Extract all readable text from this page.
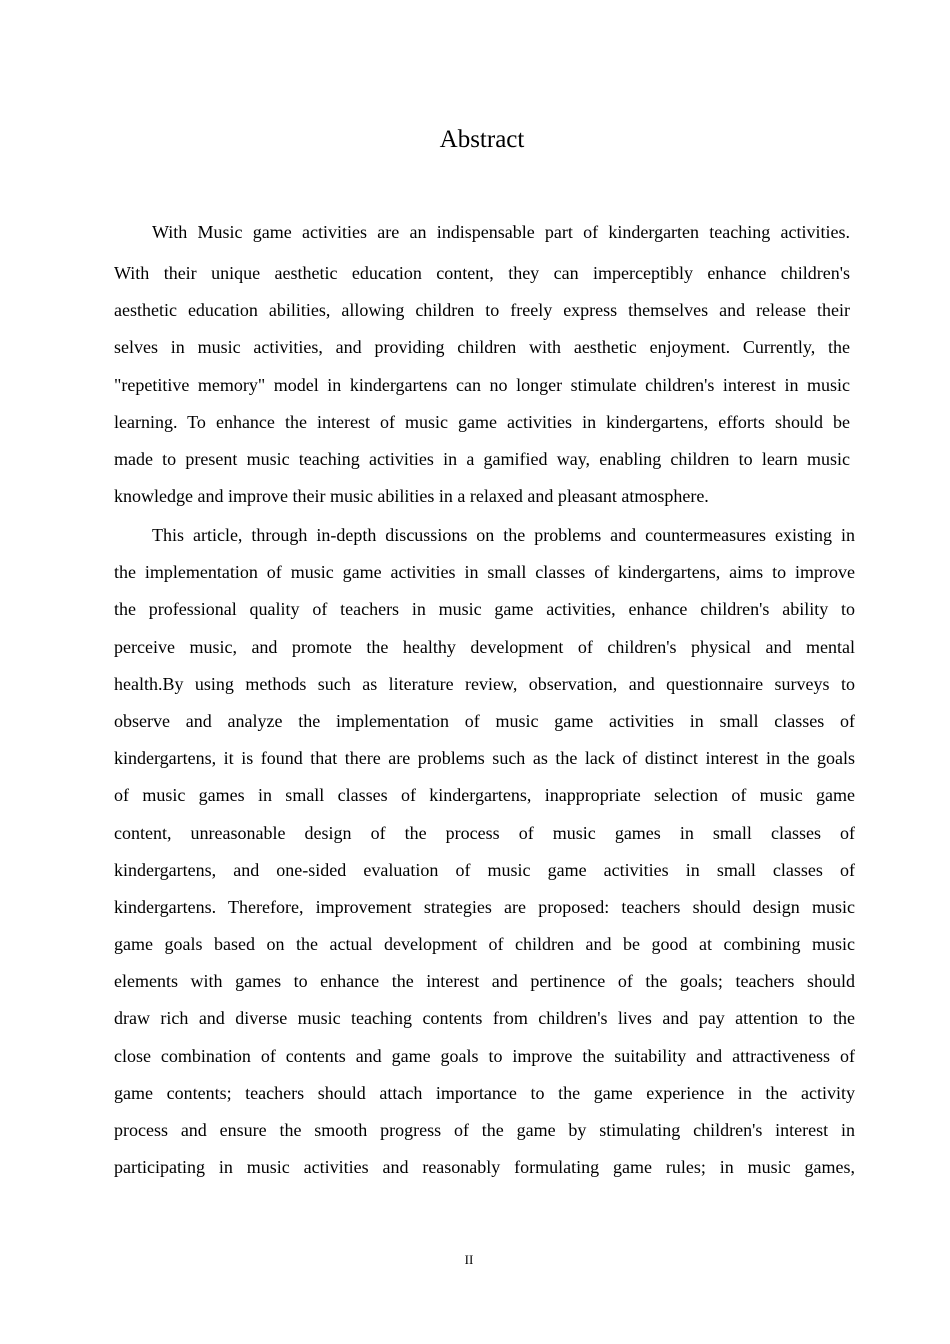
Abstract
With Music game activities are an indispensable part of kindergarten teaching activities.
With their unique aesthetic education content, they can imperceptibly enhance children's
aesthetic education abilities, allowing children to freely express themselves and release their
selves in music activities, and providing children with aesthetic enjoyment. Currently, the
"repetitive memory" model in kindergartens can no longer stimulate children's interest in music
learning. To enhance the interest of music game activities in kindergartens, efforts should be
made to present music teaching activities in a gamified way, enabling children to learn music
knowledge and improve their music abilities in a relaxed and pleasant atmosphere.
This article, through in-depth discussions on the problems and countermeasures existing in
the implementation of music game activities in small classes of kindergartens, aims to improve
the professional quality of teachers in music game activities, enhance children's ability to
perceive music, and promote the healthy development of children's physical and mental
health.By using methods such as literature review, observation, and questionnaire surveys to
observe and analyze the implementation of music game activities in small classes of
kindergartens, it is found that there are problems such as the lack of distinct interest in the goals
of music games in small classes of kindergartens, inappropriate selection of music game
content, unreasonable design of the process of music games in small classes of
kindergartens, and one-sided evaluation of music game activities in small classes of
kindergartens. Therefore, improvement strategies are proposed: teachers should design music
game goals based on the actual development of children and be good at combining music
elements with games to enhance the interest and pertinence of the goals; teachers should
draw rich and diverse music teaching contents from children's lives and pay attention to the
close combination of contents and game goals to improve the suitability and attractiveness of
game contents; teachers should attach importance to the game experience in the activity
process and ensure the smooth progress of the game by stimulating children's interest in
participating in music activities and reasonably formulating game rules; in music games,
II
